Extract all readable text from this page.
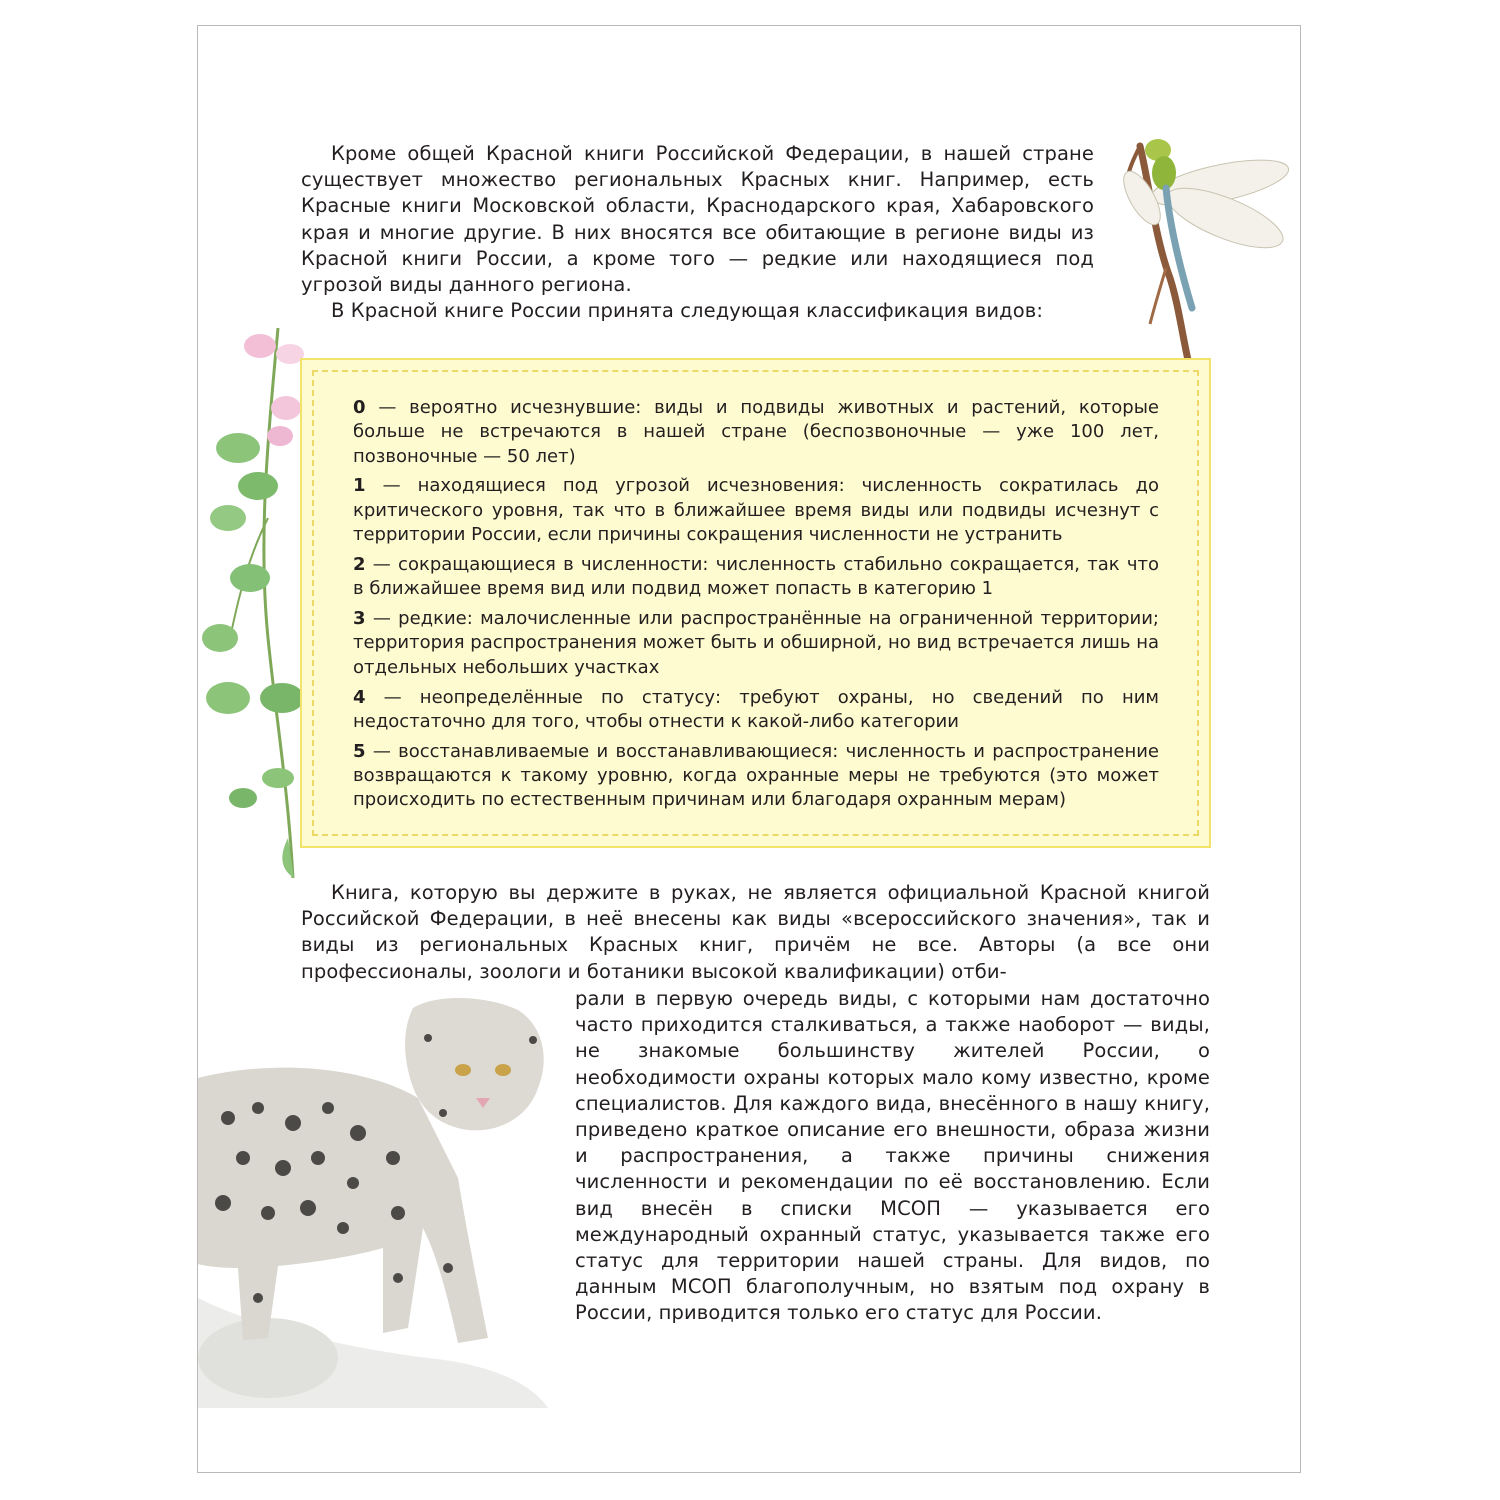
Кроме общей Красной книги Российской Федерации, в нашей стране существует множество региональных Красных книг. Например, есть Красные книги Московской области, Краснодарского края, Хабаровского края и многие другие. В них вносятся все обитающие в регионе виды из Красной книги России, а кроме того — редкие или находящиеся под угрозой виды данного региона.

В Красной книге России принята следующая классификация видов:

0 — вероятно исчезнувшие: виды и подвиды животных и растений, которые больше не встречаются в нашей стране (беспозвоночные — уже 100 лет, позвоночные — 50 лет)

1 — находящиеся под угрозой исчезновения: численность сократилась до критического уровня, так что в ближайшее время виды или подвиды исчезнут с территории России, если причины сокращения численности не устранить

2 — сокращающиеся в численности: численность стабильно сокращается, так что в ближайшее время вид или подвид может попасть в категорию 1

3 — редкие: малочисленные или распространённые на ограниченной территории; территория распространения может быть и обширной, но вид встречается лишь на отдельных небольших участках

4 — неопределённые по статусу: требуют охраны, но сведений по ним недостаточно для того, чтобы отнести к какой-либо категории

5 — восстанавливаемые и восстанавливающиеся: численность и распространение возвращаются к такому уровню, когда охранные меры не требуются (это может происходить по естественным причинам или благодаря охранным мерам)

Книга, которую вы держите в руках, не является официальной Красной книгой Российской Федерации, в неё внесены как виды «всероссийского значения», так и виды из региональных Красных книг, причём не все. Авторы (а все они профессионалы, зоологи и ботаники высокой квалификации) отби-

рали в первую очередь виды, с которыми нам достаточно часто приходится сталкиваться, а также наоборот — виды, не знакомые большинству жителей России, о необходимости охраны которых мало кому известно, кроме специалистов. Для каждого вида, внесённого в нашу книгу, приведено краткое описание его внешности, образа жизни и распространения, а также причины снижения численности и рекомендации по её восстановлению. Если вид внесён в списки МСОП — указывается его международный охранный статус, указывается также его статус для территории нашей страны. Для видов, по данным МСОП благополучным, но взятым под охрану в России, приводится только его статус для России.
